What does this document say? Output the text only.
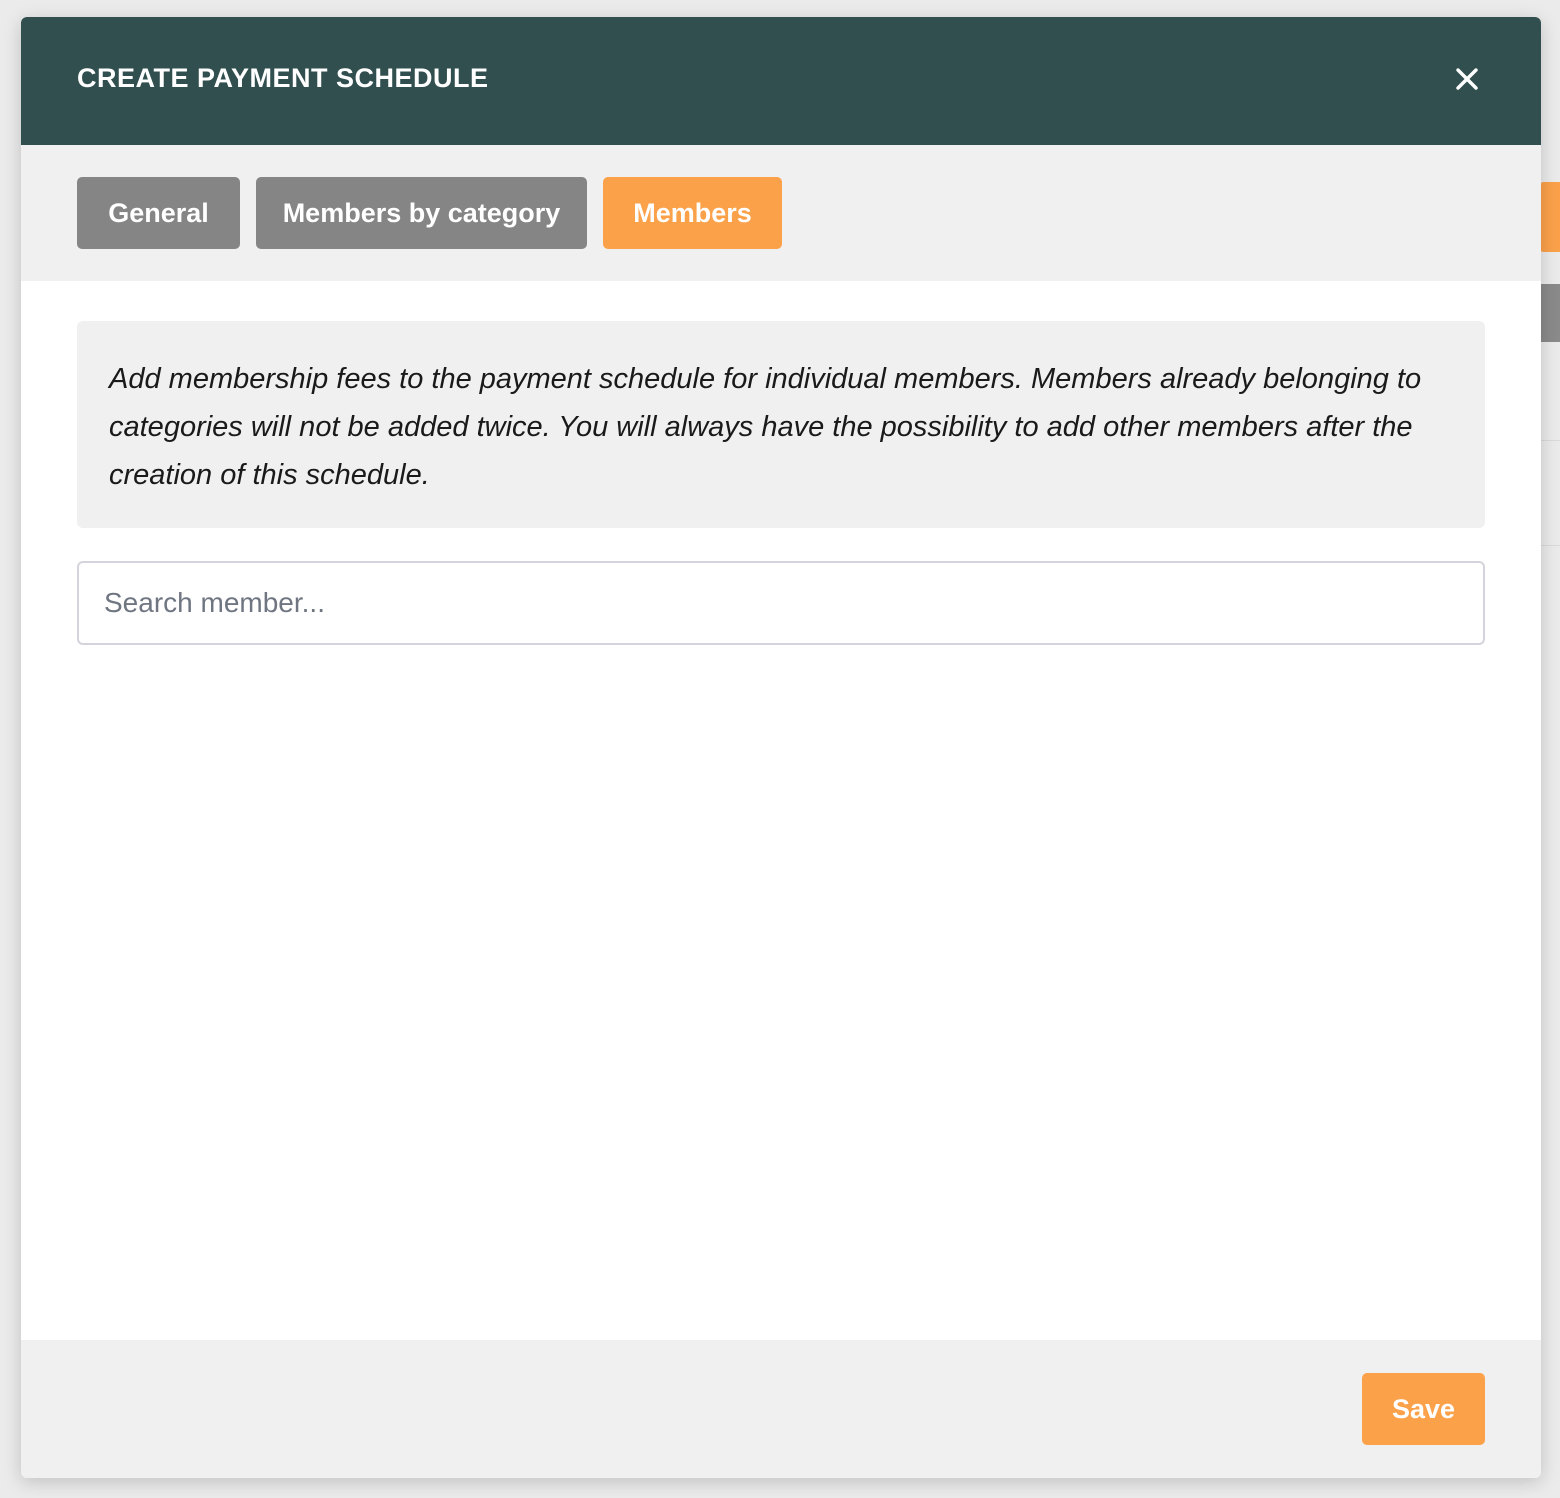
CREATE PAYMENT SCHEDULE
General	Members by category	Members

Add membership fees to the payment schedule for individual members. Members already belonging to categories will not be added twice. You will always have the possibility to add other members after the creation of this schedule.

Search member...
Save
